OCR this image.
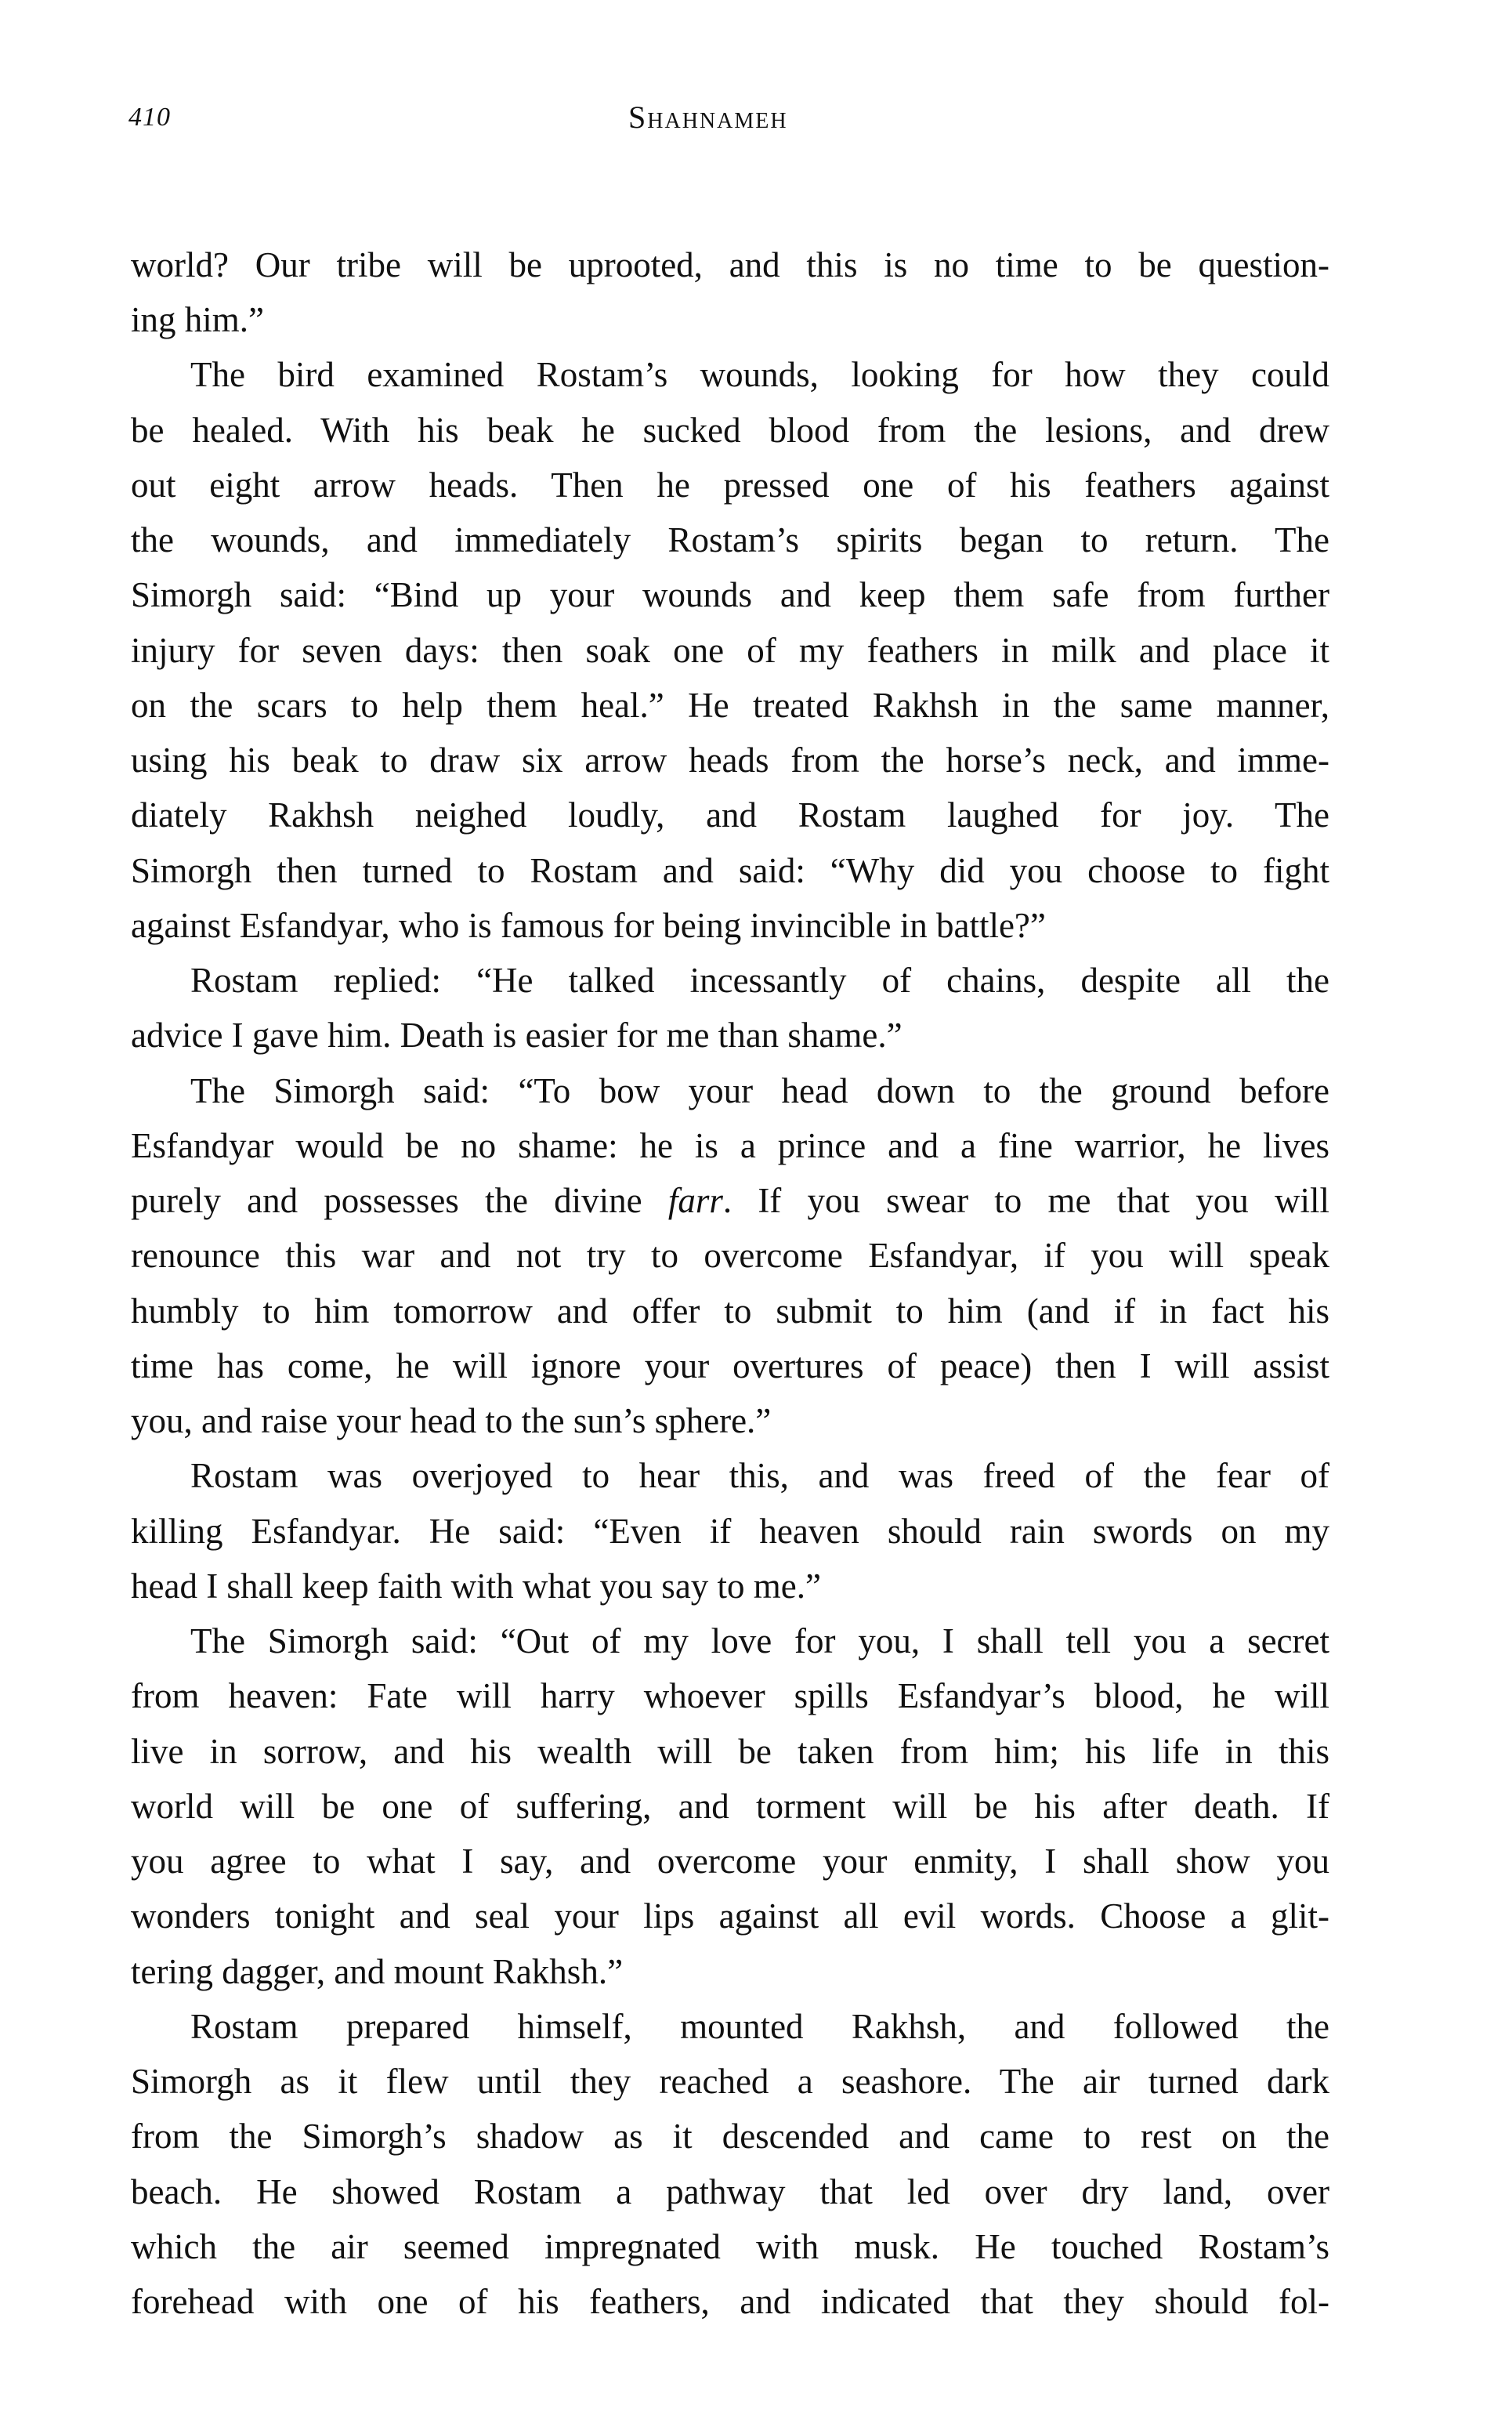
410	Shahnameh
world? Our tribe will be uprooted, and this is no time to be question-
ing him.”
The bird examined Rostam’s wounds, looking for how they could
be healed. With his beak he sucked blood from the lesions, and drew
out eight arrow heads. Then he pressed one of his feathers against
the wounds, and immediately Rostam’s spirits began to return. The
Simorgh said: “Bind up your wounds and keep them safe from further
injury for seven days: then soak one of my feathers in milk and place it
on the scars to help them heal.” He treated Rakhsh in the same manner,
using his beak to draw six arrow heads from the horse’s neck, and imme-
diately Rakhsh neighed loudly, and Rostam laughed for joy. The
Simorgh then turned to Rostam and said: “Why did you choose to fight
against Esfandyar, who is famous for being invincible in battle?”
Rostam replied: “He talked incessantly of chains, despite all the
advice I gave him. Death is easier for me than shame.”
The Simorgh said: “To bow your head down to the ground before
Esfandyar would be no shame: he is a prince and a fine warrior, he lives
purely and possesses the divine farr. If you swear to me that you will
renounce this war and not try to overcome Esfandyar, if you will speak
humbly to him tomorrow and offer to submit to him (and if in fact his
time has come, he will ignore your overtures of peace) then I will assist
you, and raise your head to the sun’s sphere.”
Rostam was overjoyed to hear this, and was freed of the fear of
killing Esfandyar. He said: “Even if heaven should rain swords on my
head I shall keep faith with what you say to me.”
The Simorgh said: “Out of my love for you, I shall tell you a secret
from heaven: Fate will harry whoever spills Esfandyar’s blood, he will
live in sorrow, and his wealth will be taken from him; his life in this
world will be one of suffering, and torment will be his after death. If
you agree to what I say, and overcome your enmity, I shall show you
wonders tonight and seal your lips against all evil words. Choose a glit-
tering dagger, and mount Rakhsh.”
Rostam prepared himself, mounted Rakhsh, and followed the
Simorgh as it flew until they reached a seashore. The air turned dark
from the Simorgh’s shadow as it descended and came to rest on the
beach. He showed Rostam a pathway that led over dry land, over
which the air seemed impregnated with musk. He touched Rostam’s
forehead with one of his feathers, and indicated that they should fol-
